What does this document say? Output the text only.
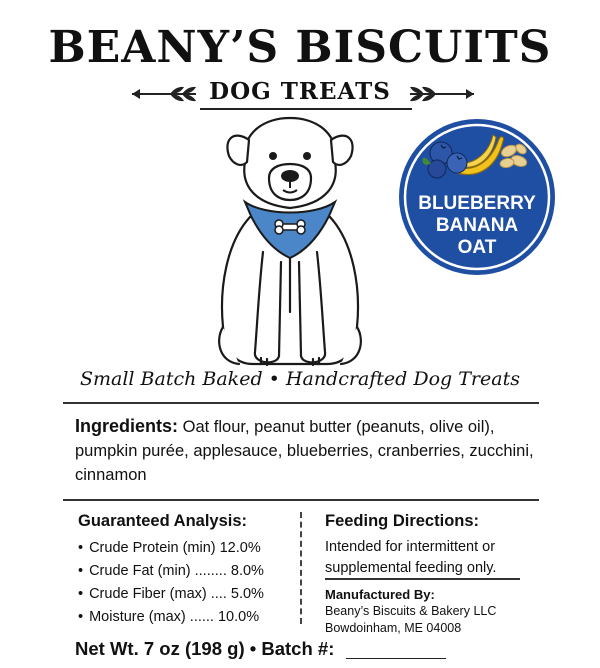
BEANY’S BISCUITS
DOG TREATS
BLUEBERRY
BANANA
OAT
Small Batch Baked • Handcrafted Dog Treats
Ingredients: Oat flour, peanut butter (peanuts, olive oil), pumpkin purée, applesauce, blueberries, cranberries, zucchini, cinnamon
Guaranteed Analysis:
• Crude Protein (min) 12.0%
• Crude Fat (min) ........ 8.0%
• Crude Fiber (max) .... 5.0%
• Moisture (max) ...... 10.0%
Feeding Directions:
Intended for intermittent or supplemental feeding only.
Manufactured By:
Beany’s Biscuits & Bakery LLC
Bowdoinham, ME 04008
Net Wt. 7 oz (198 g) • Batch #:
